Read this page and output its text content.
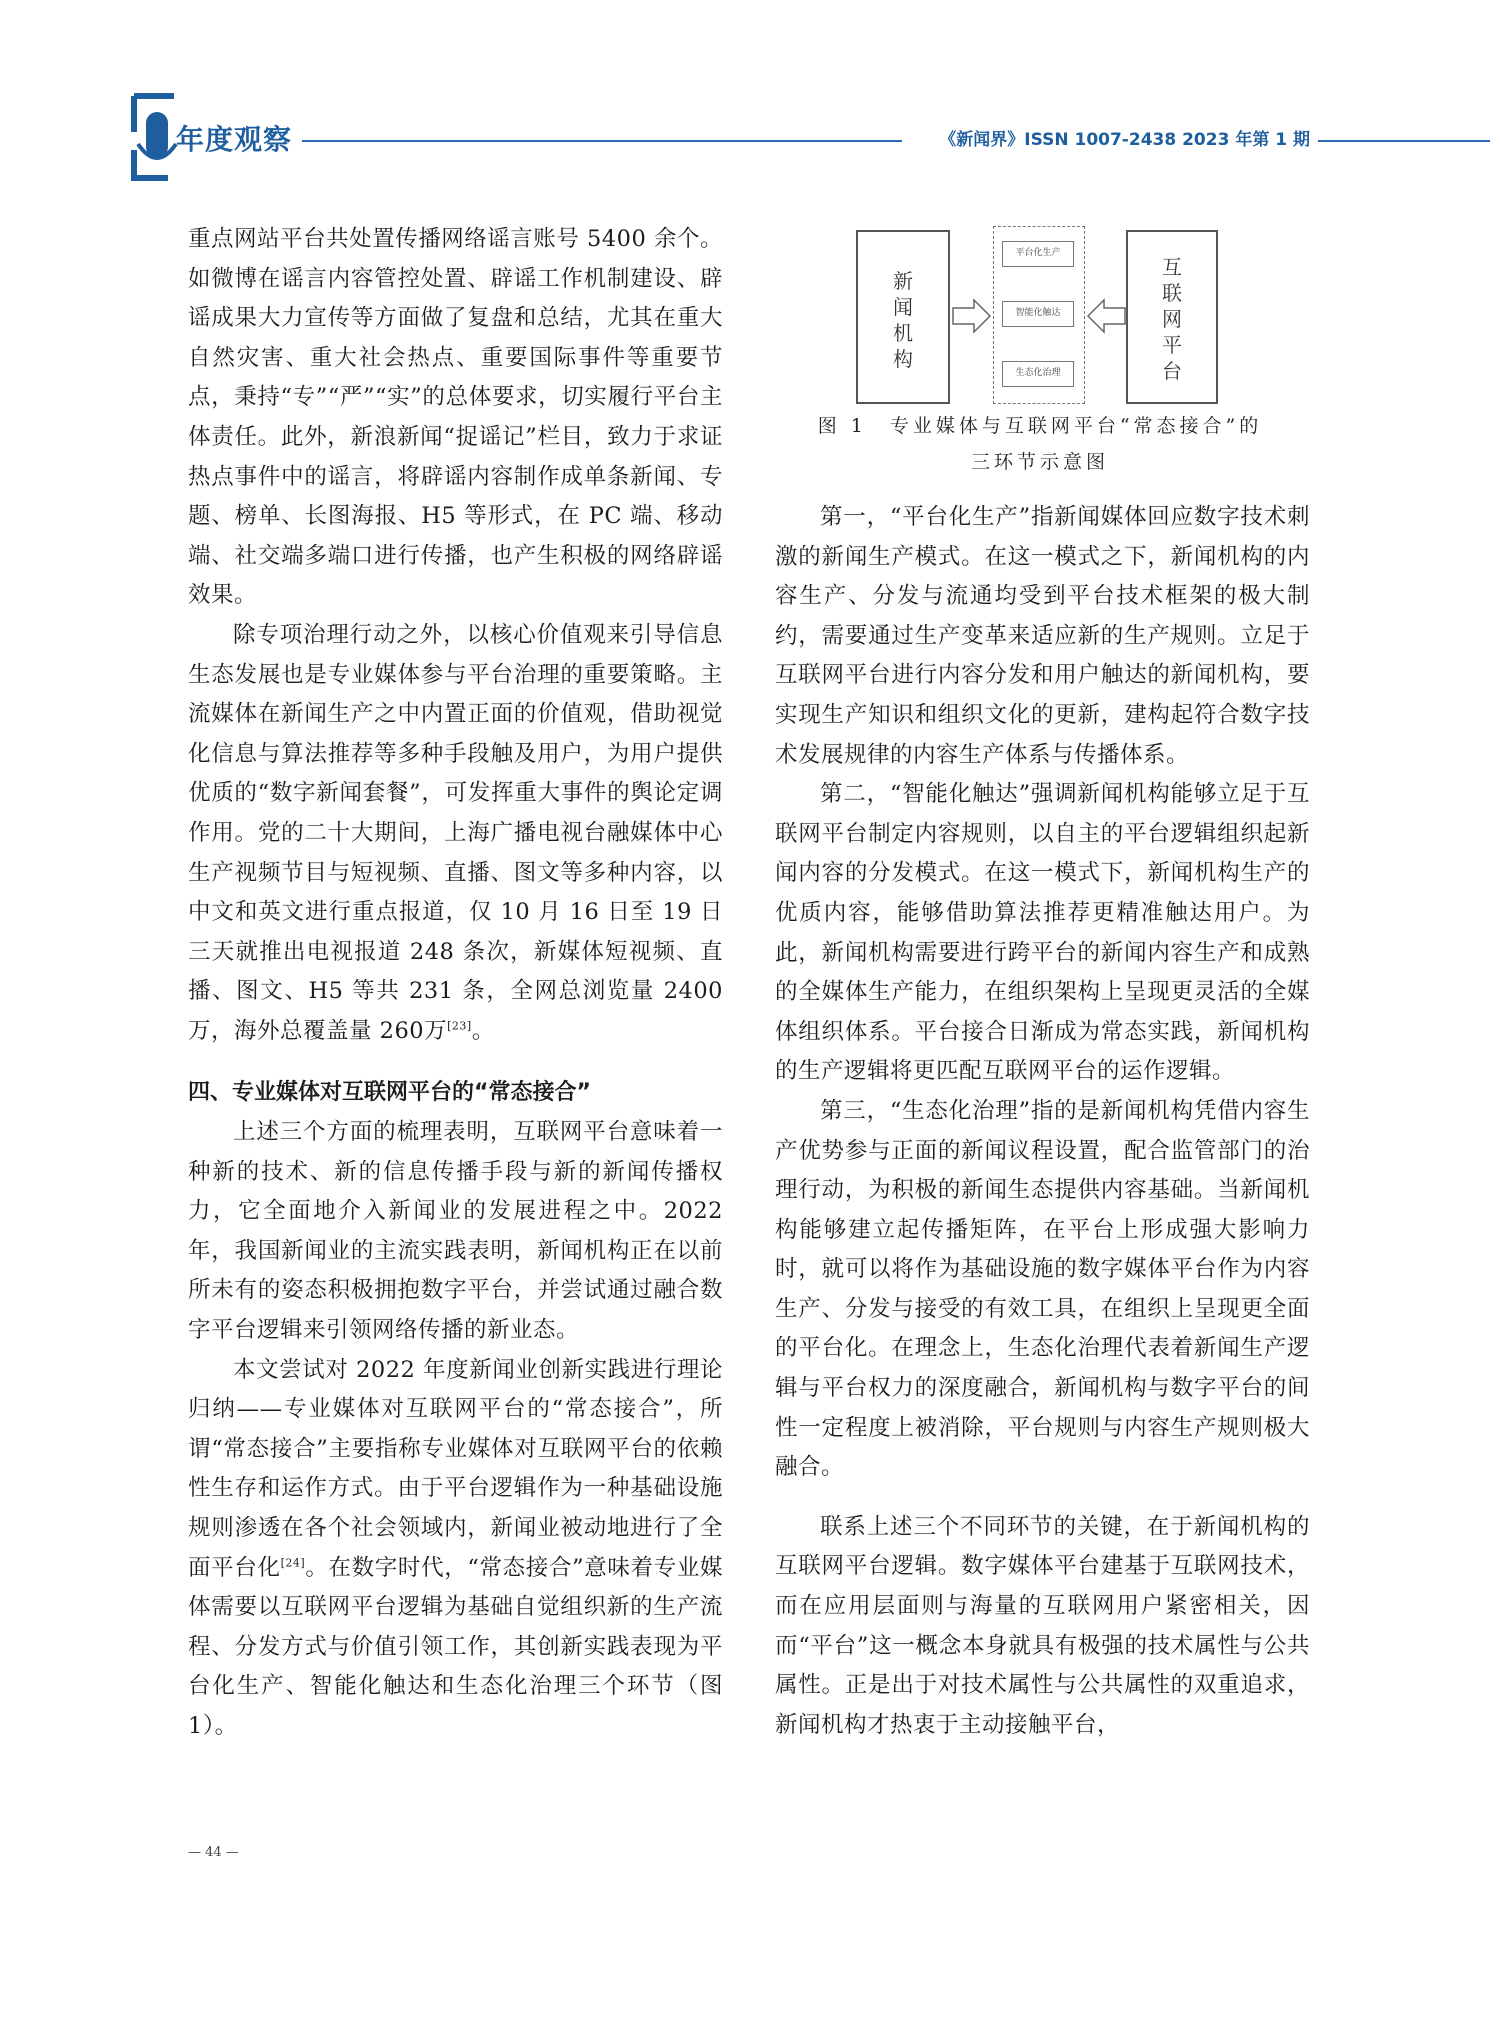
年度观察	《新闻界》ISSN 1007-2438 2023 年第 1 期

重点网站平台共处置传播网络谣言账号 5400 余个。如微博在谣言内容管控处置、辟谣工作机制建设、辟谣成果大力宣传等方面做了复盘和总结，尤其在重大自然灾害、重大社会热点、重要国际事件等重要节点，秉持“专”“严”“实”的总体要求，切实履行平台主体责任。此外，新浪新闻“捉谣记”栏目，致力于求证热点事件中的谣言，将辟谣内容制作成单条新闻、专题、榜单、长图海报、H5 等形式，在 PC 端、移动端、社交端多端口进行传播，也产生积极的网络辟谣效果。

除专项治理行动之外，以核心价值观来引导信息生态发展也是专业媒体参与平台治理的重要策略。主流媒体在新闻生产之中内置正面的价值观，借助视觉化信息与算法推荐等多种手段触及用户，为用户提供优质的“数字新闻套餐”，可发挥重大事件的舆论定调作用。党的二十大期间，上海广播电视台融媒体中心生产视频节目与短视频、直播、图文等多种内容，以中文和英文进行重点报道，仅 10 月 16 日至 19 日三天就推出电视报道 248 条次，新媒体短视频、直播、图文、H5 等共 231 条，全网总浏览量 2400 万，海外总覆盖量 260万[23]。

四、专业媒体对互联网平台的“常态接合”

上述三个方面的梳理表明，互联网平台意味着一种新的技术、新的信息传播手段与新的新闻传播权力，它全面地介入新闻业的发展进程之中。2022 年，我国新闻业的主流实践表明，新闻机构正在以前所未有的姿态积极拥抱数字平台，并尝试通过融合数字平台逻辑来引领网络传播的新业态。

本文尝试对 2022 年度新闻业创新实践进行理论归纳——专业媒体对互联网平台的“常态接合”，所谓“常态接合”主要指称专业媒体对互联网平台的依赖性生存和运作方式。由于平台逻辑作为一种基础设施规则渗透在各个社会领域内，新闻业被动地进行了全面平台化[24]。在数字时代，“常态接合”意味着专业媒体需要以互联网平台逻辑为基础自觉组织新的生产流程、分发方式与价值引领工作，其创新实践表现为平台化生产、智能化触达和生态化治理三个环节（图 1）。

新
闻
机
构
平台化生产
智能化触达
生态化治理
互
联
网
平
台
图 1　专业媒体与互联网平台“常态接合”的
三环节示意图

第一，“平台化生产”指新闻媒体回应数字技术刺激的新闻生产模式。在这一模式之下，新闻机构的内容生产、分发与流通均受到平台技术框架的极大制约，需要通过生产变革来适应新的生产规则。立足于互联网平台进行内容分发和用户触达的新闻机构，要实现生产知识和组织文化的更新，建构起符合数字技术发展规律的内容生产体系与传播体系。

第二，“智能化触达”强调新闻机构能够立足于互联网平台制定内容规则，以自主的平台逻辑组织起新闻内容的分发模式。在这一模式下，新闻机构生产的优质内容，能够借助算法推荐更精准触达用户。为此，新闻机构需要进行跨平台的新闻内容生产和成熟的全媒体生产能力，在组织架构上呈现更灵活的全媒体组织体系。平台接合日渐成为常态实践，新闻机构的生产逻辑将更匹配互联网平台的运作逻辑。

第三，“生态化治理”指的是新闻机构凭借内容生产优势参与正面的新闻议程设置，配合监管部门的治理行动，为积极的新闻生态提供内容基础。当新闻机构能够建立起传播矩阵，在平台上形成强大影响力时，就可以将作为基础设施的数字媒体平台作为内容生产、分发与接受的有效工具，在组织上呈现更全面的平台化。在理念上，生态化治理代表着新闻生产逻辑与平台权力的深度融合，新闻机构与数字平台的间性一定程度上被消除，平台规则与内容生产规则极大融合。

联系上述三个不同环节的关键，在于新闻机构的互联网平台逻辑。数字媒体平台建基于互联网技术，而在应用层面则与海量的互联网用户紧密相关，因而“平台”这一概念本身就具有极强的技术属性与公共属性。正是出于对技术属性与公共属性的双重追求，新闻机构才热衷于主动接触平台，

— 44 —
